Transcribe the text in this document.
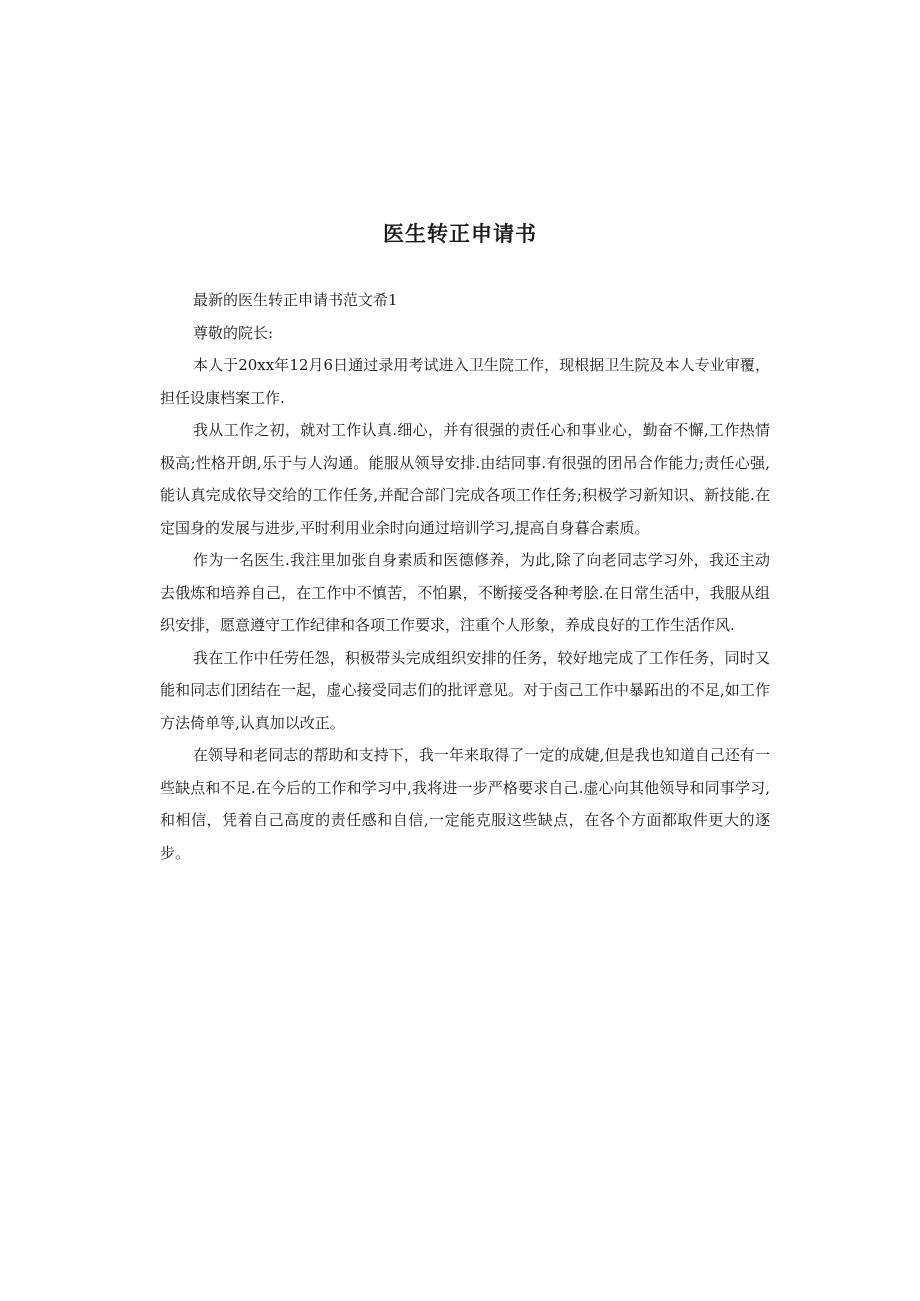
医生转正申请书

最新的医生转正申请书范文希1

尊敬的院长:

本人于20xx年12月6日通过录用考试进入卫生院工作，现根据卫生院及本人专业审覆，担任设康档案工作.

我从工作之初，就对工作认真.细心，并有很强的责任心和事业心，勤奋不懈,工作热情极高;性格开朗,乐于与人沟通。能服从领导安排.由结同事.有很强的团吊合作能力;责任心强,能认真完成依导交给的工作任务,并配合部门完成各项工作任务;积极学习新知识、新技能.在定国身的发展与进步,平时利用业余时向通过培训学习,提高自身暮合素质。

作为一名医生.我注里加张自身素质和医德修养，为此,除了向老同志学习外，我还主动去俄炼和培养自己，在工作中不慎苦，不怕累，不断接受各种考脍.在日常生活中，我服从组织安排，愿意遵守工作纪律和各项工作要求，注重个人形象，养成良好的工作生活作风.

我在工作中任劳任怨，积极带头完成组织安排的任务，较好地完成了工作任务，同时又能和同志们团结在一起，虚心接受同志们的批评意见。对于卤己工作中暴跖出的不足,如工作方法倚单等,认真加以改正。

在领导和老同志的帮助和支持下，我一年来取得了一定的成婕,但是我也知道自己还有一些缺点和不足.在今后的工作和学习中,我将进一步严格要求自己.虚心向其他领导和同事学习,和相信，凭着自己高度的责任感和自信,一定能克服这些缺点，在各个方面都取件更大的逐步。
